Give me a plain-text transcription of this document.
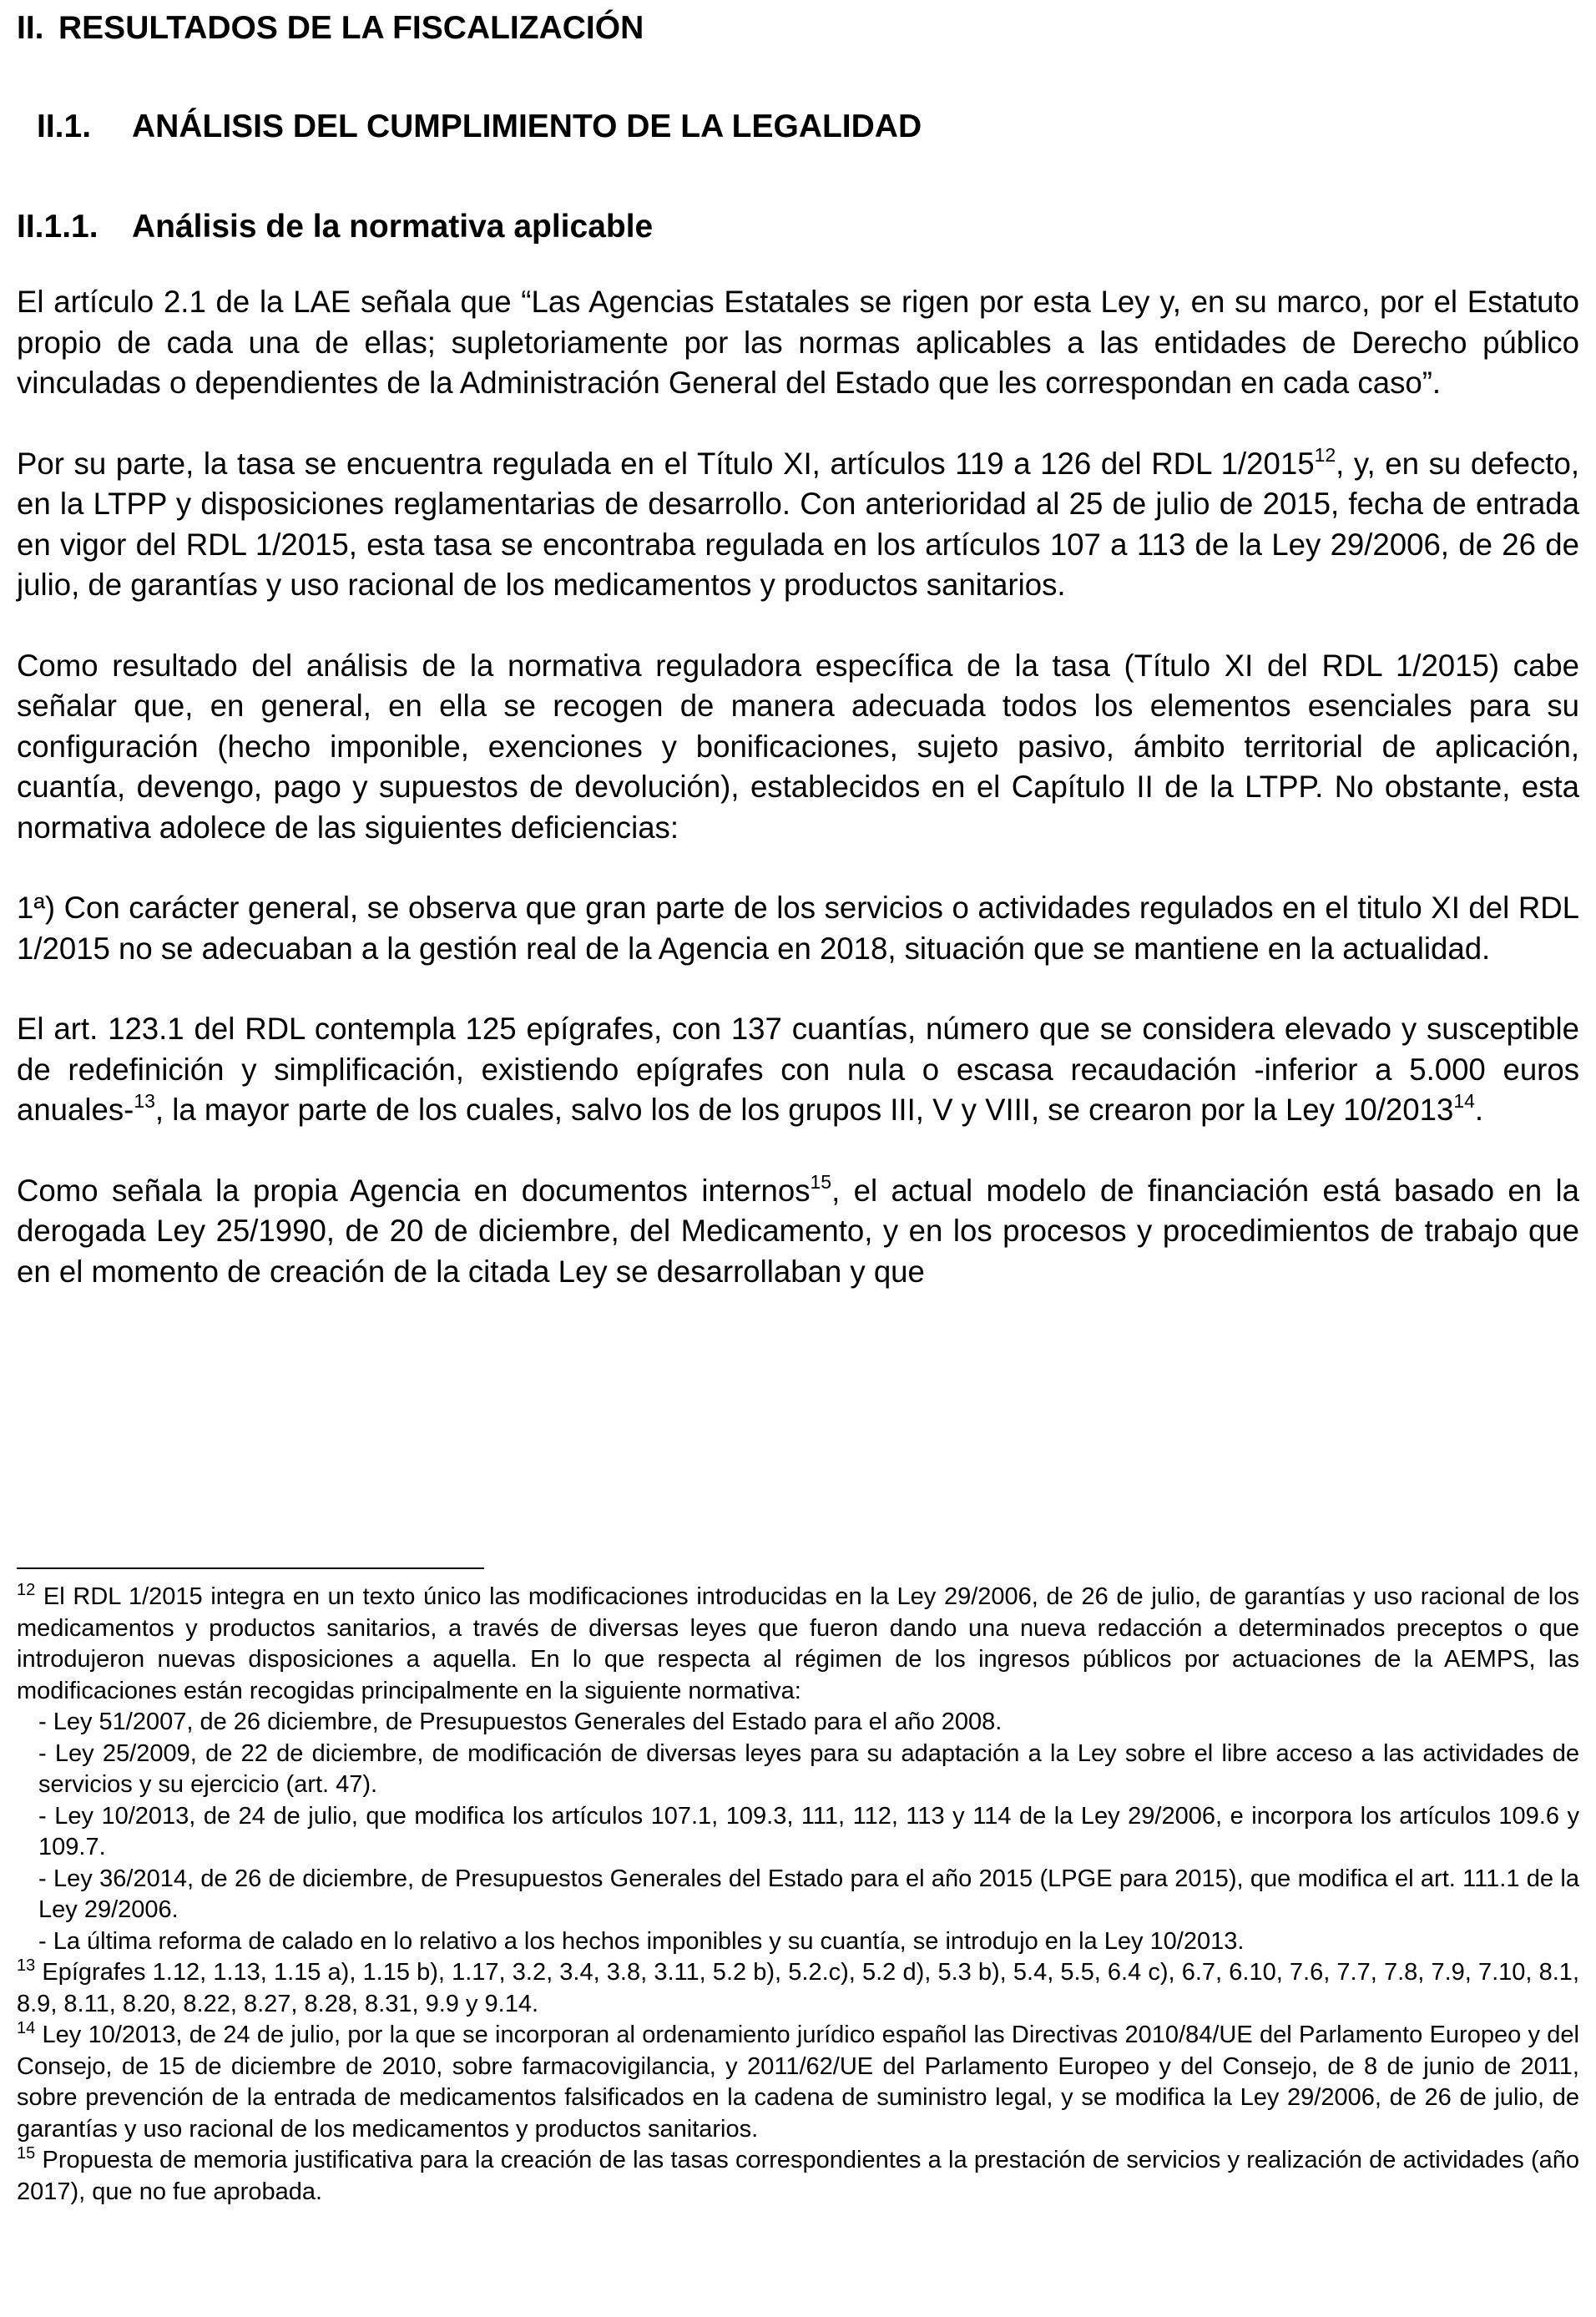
II. RESULTADOS DE LA FISCALIZACIÓN
II.1. ANÁLISIS DEL CUMPLIMIENTO DE LA LEGALIDAD
II.1.1. Análisis de la normativa aplicable

El artículo 2.1 de la LAE señala que “Las Agencias Estatales se rigen por esta Ley y, en su marco, por el Estatuto propio de cada una de ellas; supletoriamente por las normas aplicables a las entidades de Derecho público vinculadas o dependientes de la Administración General del Estado que les correspondan en cada caso”.

Por su parte, la tasa se encuentra regulada en el Título XI, artículos 119 a 126 del RDL 1/2015$^{12}$, y, en su defecto, en la LTPP y disposiciones reglamentarias de desarrollo. Con anterioridad al 25 de julio de 2015, fecha de entrada en vigor del RDL 1/2015, esta tasa se encontraba regulada en los artículos 107 a 113 de la Ley 29/2006, de 26 de julio, de garantías y uso racional de los medicamentos y productos sanitarios.

Como resultado del análisis de la normativa reguladora específica de la tasa (Título XI del RDL 1/2015) cabe señalar que, en general, en ella se recogen de manera adecuada todos los elementos esenciales para su configuración (hecho imponible, exenciones y bonificaciones, sujeto pasivo, ámbito territorial de aplicación, cuantía, devengo, pago y supuestos de devolución), establecidos en el Capítulo II de la LTPP. No obstante, esta normativa adolece de las siguientes deficiencias:

1ª) Con carácter general, se observa que gran parte de los servicios o actividades regulados en el titulo XI del RDL 1/2015 no se adecuaban a la gestión real de la Agencia en 2018, situación que se mantiene en la actualidad.

El art. 123.1 del RDL contempla 125 epígrafes, con 137 cuantías, número que se considera elevado y susceptible de redefinición y simplificación, existiendo epígrafes con nula o escasa recaudación -inferior a 5.000 euros anuales-$^{13}$, la mayor parte de los cuales, salvo los de los grupos III, V y VIII, se crearon por la Ley 10/2013$^{14}$.

Como señala la propia Agencia en documentos internos$^{15}$, el actual modelo de financiación está basado en la derogada Ley 25/1990, de 20 de diciembre, del Medicamento, y en los procesos y procedimientos de trabajo que en el momento de creación de la citada Ley se desarrollaban y que

$^{12}$ El RDL 1/2015 integra en un texto único las modificaciones introducidas en la Ley 29/2006, de 26 de julio, de garantías y uso racional de los medicamentos y productos sanitarios, a través de diversas leyes que fueron dando una nueva redacción a determinados preceptos o que introdujeron nuevas disposiciones a aquella. En lo que respecta al régimen de los ingresos públicos por actuaciones de la AEMPS, las modificaciones están recogidas principalmente en la siguiente normativa:

- Ley 51/2007, de 26 diciembre, de Presupuestos Generales del Estado para el año 2008.
- Ley 25/2009, de 22 de diciembre, de modificación de diversas leyes para su adaptación a la Ley sobre el libre acceso a las actividades de servicios y su ejercicio (art. 47).
- Ley 10/2013, de 24 de julio, que modifica los artículos 107.1, 109.3, 111, 112, 113 y 114 de la Ley 29/2006, e incorpora los artículos 109.6 y 109.7.
- Ley 36/2014, de 26 de diciembre, de Presupuestos Generales del Estado para el año 2015 (LPGE para 2015), que modifica el art. 111.1 de la Ley 29/2006.
- La última reforma de calado en lo relativo a los hechos imponibles y su cuantía, se introdujo en la Ley 10/2013.

$^{13}$ Epígrafes 1.12, 1.13, 1.15 a), 1.15 b), 1.17, 3.2, 3.4, 3.8, 3.11, 5.2 b), 5.2.c), 5.2 d), 5.3 b), 5.4, 5.5, 6.4 c), 6.7, 6.10, 7.6, 7.7, 7.8, 7.9, 7.10, 8.1, 8.9, 8.11, 8.20, 8.22, 8.27, 8.28, 8.31, 9.9 y 9.14.

$^{14}$ Ley 10/2013, de 24 de julio, por la que se incorporan al ordenamiento jurídico español las Directivas 2010/84/UE del Parlamento Europeo y del Consejo, de 15 de diciembre de 2010, sobre farmacovigilancia, y 2011/62/UE del Parlamento Europeo y del Consejo, de 8 de junio de 2011, sobre prevención de la entrada de medicamentos falsificados en la cadena de suministro legal, y se modifica la Ley 29/2006, de 26 de julio, de garantías y uso racional de los medicamentos y productos sanitarios.

$^{15}$ Propuesta de memoria justificativa para la creación de las tasas correspondientes a la prestación de servicios y realización de actividades (año 2017), que no fue aprobada.
